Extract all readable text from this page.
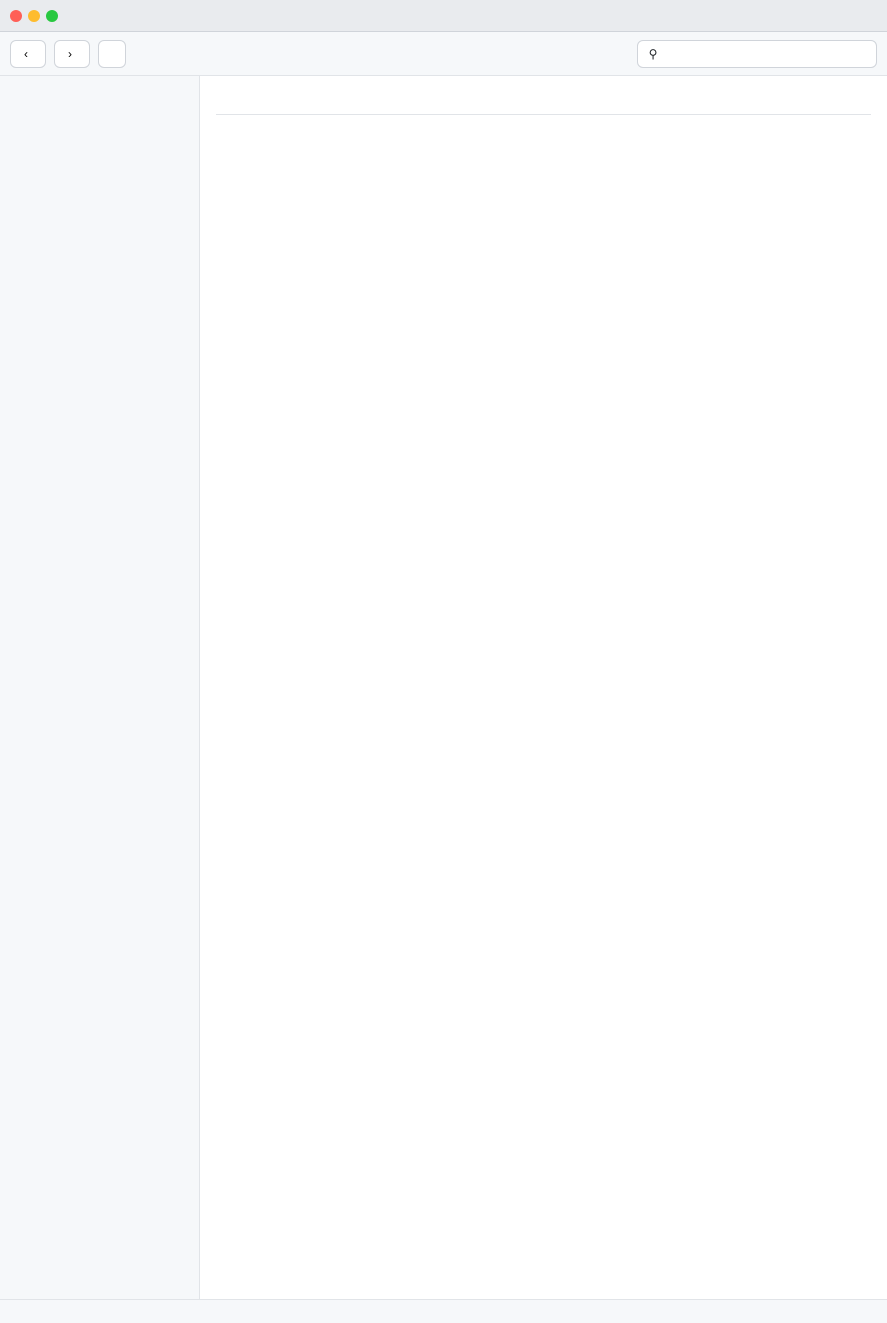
‹	›	⚲
